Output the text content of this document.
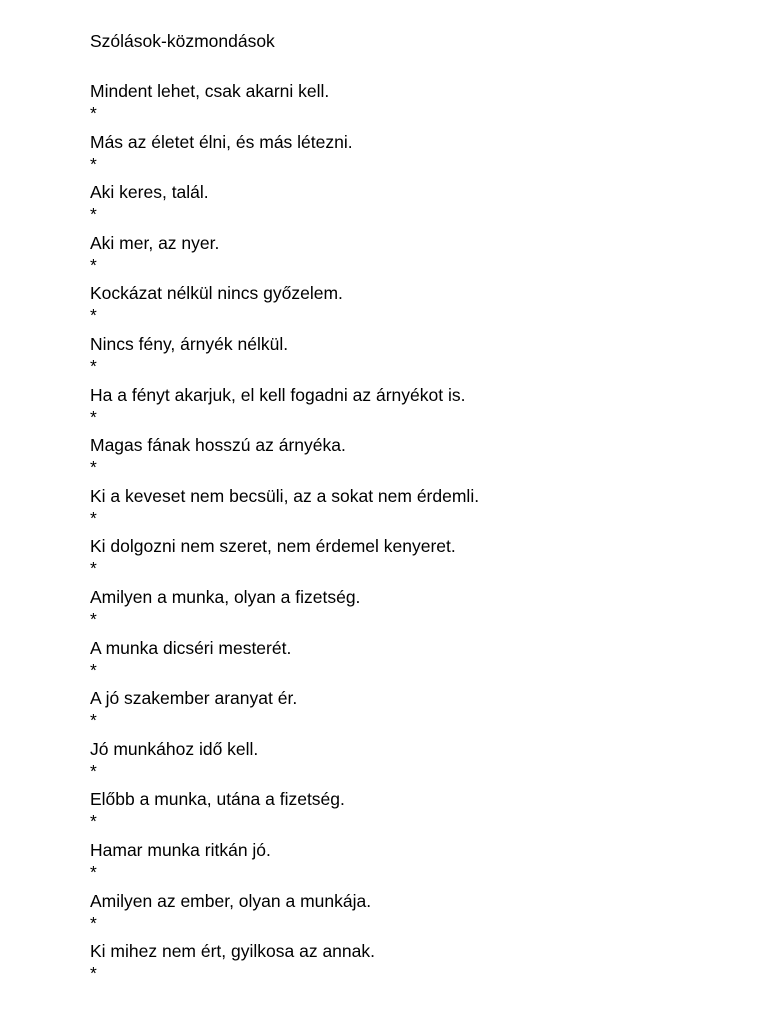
Szólások-közmondások
Mindent lehet, csak akarni kell.
*
Más az életet élni, és más létezni.
*
Aki keres, talál.
*
Aki mer, az nyer.
*
Kockázat nélkül nincs győzelem.
*
Nincs fény, árnyék nélkül.
*
Ha a fényt akarjuk, el kell fogadni az árnyékot is.
*
Magas fának hosszú az árnyéka.
*
Ki a keveset nem becsüli, az a sokat nem érdemli.
*
Ki dolgozni nem szeret, nem érdemel kenyeret.
*
Amilyen a munka, olyan a fizetség.
*
A munka dicséri mesterét.
*
A jó szakember aranyat ér.
*
Jó munkához idő kell.
*
Előbb a munka, utána a fizetség.
*
Hamar munka ritkán jó.
*
Amilyen az ember, olyan a munkája.
*
Ki mihez nem ért, gyilkosa az annak.
*
